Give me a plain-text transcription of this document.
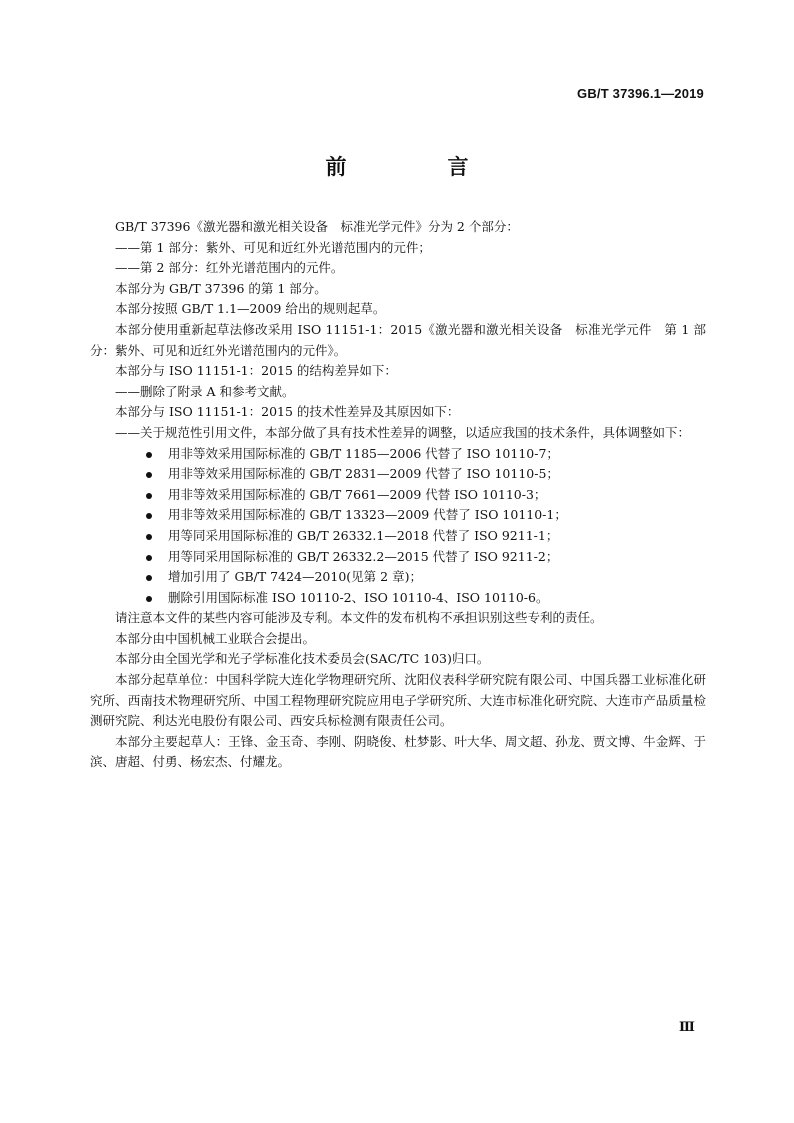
GB/T 37396.1—2019
前　言

GB/T 37396《激光器和激光相关设备　标准光学元件》分为 2 个部分：

——第 1 部分：紫外、可见和近红外光谱范围内的元件；

——第 2 部分：红外光谱范围内的元件。

本部分为 GB/T 37396 的第 1 部分。

本部分按照 GB/T 1.1—2009 给出的规则起草。

本部分使用重新起草法修改采用 ISO 11151-1：2015《激光器和激光相关设备　标准光学元件　第 1 部分：紫外、可见和近红外光谱范围内的元件》。

本部分与 ISO 11151-1：2015 的结构差异如下：

——删除了附录 A 和参考文献。

本部分与 ISO 11151-1：2015 的技术性差异及其原因如下：

——关于规范性引用文件，本部分做了具有技术性差异的调整，以适应我国的技术条件，具体调整如下：

用非等效采用国际标准的 GB/T 1185—2006 代替了 ISO 10110-7；
用非等效采用国际标准的 GB/T 2831—2009 代替了 ISO 10110-5；
用非等效采用国际标准的 GB/T 7661—2009 代替 ISO 10110-3；
用非等效采用国际标准的 GB/T 13323—2009 代替了 ISO 10110-1；
用等同采用国际标准的 GB/T 26332.1—2018 代替了 ISO 9211-1；
用等同采用国际标准的 GB/T 26332.2—2015 代替了 ISO 9211-2；
增加引用了 GB/T 7424—2010(见第 2 章)；
删除引用国际标准 ISO 10110-2、ISO 10110-4、ISO 10110-6。

请注意本文件的某些内容可能涉及专利。本文件的发布机构不承担识别这些专利的责任。

本部分由中国机械工业联合会提出。

本部分由全国光学和光子学标准化技术委员会(SAC/TC 103)归口。

本部分起草单位：中国科学院大连化学物理研究所、沈阳仪表科学研究院有限公司、中国兵器工业标准化研究所、西南技术物理研究所、中国工程物理研究院应用电子学研究所、大连市标准化研究院、大连市产品质量检测研究院、利达光电股份有限公司、西安兵标检测有限责任公司。

本部分主要起草人：王锋、金玉奇、李刚、阴晓俊、杜梦影、叶大华、周文超、孙龙、贾文博、牛金辉、于滨、唐超、付勇、杨宏杰、付耀龙。

Ⅲ
